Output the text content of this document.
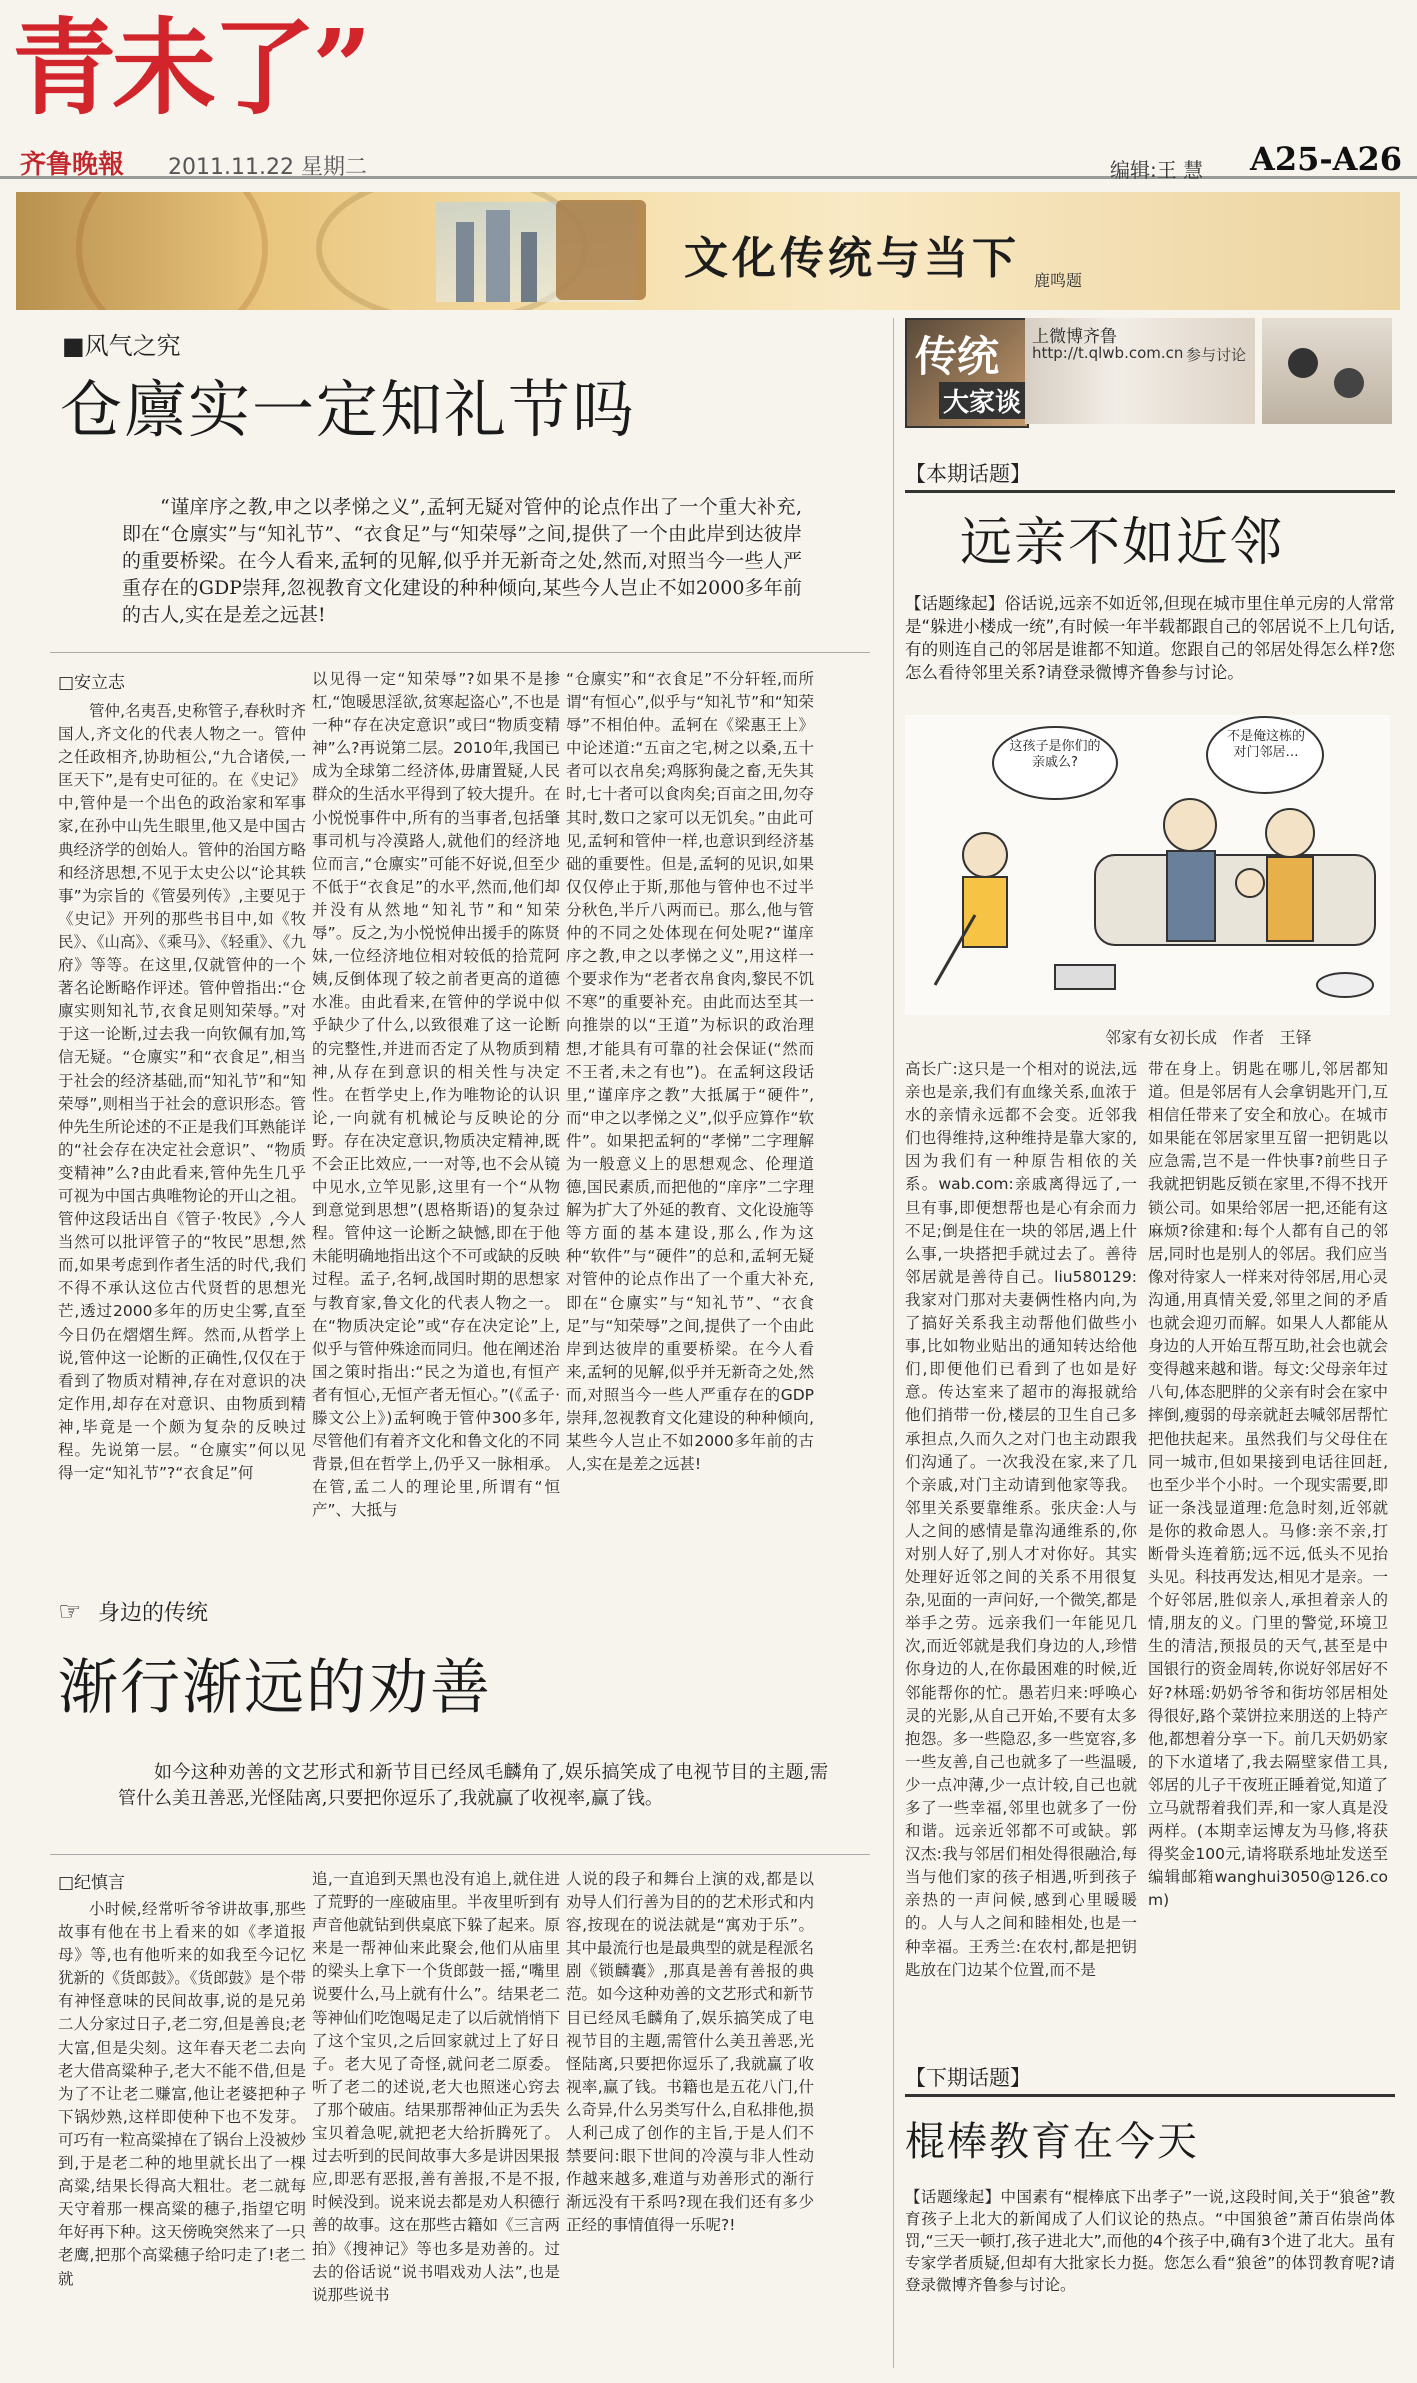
青未了”
齐鲁晚報 2011.11.22 星期二	编辑:王 慧 A25-A26
文化传统与当下 鹿鸣题
■风气之究
仓廪实一定知礼节吗
“谨庠序之教,申之以孝悌之义”,孟轲无疑对管仲的论点作出了一个重大补充,即在“仓廪实”与“知礼节”、“衣食足”与“知荣辱”之间,提供了一个由此岸到达彼岸的重要桥梁。在今人看来,孟轲的见解,似乎并无新奇之处,然而,对照当今一些人严重存在的GDP崇拜,忽视教育文化建设的种种倾向,某些今人岂止不如2000多年前的古人,实在是差之远甚!
□安立志
管仲,名夷吾,史称管子,春秋时齐国人,齐文化的代表人物之一。管仲之任政相齐,协助桓公,“九合诸侯,一匡天下”,是有史可征的。在《史记》中,管仲是一个出色的政治家和军事家,在孙中山先生眼里,他又是中国古典经济学的创始人。管仲的治国方略和经济思想,不见于太史公以“论其轶事”为宗旨的《管晏列传》,主要见于《史记》开列的那些书目中,如《牧民》、《山高》、《乘马》、《轻重》、《九府》等等。在这里,仅就管仲的一个著名论断略作评述。管仲曾指出:“仓廪实则知礼节,衣食足则知荣辱。”对于这一论断,过去我一向钦佩有加,笃信无疑。“仓廪实”和“衣食足”,相当于社会的经济基础,而“知礼节”和“知荣辱”,则相当于社会的意识形态。管仲先生所论述的不正是我们耳熟能详的“社会存在决定社会意识”、“物质变精神”么?由此看来,管仲先生几乎可视为中国古典唯物论的开山之祖。管仲这段话出自《管子·牧民》,今人当然可以批评管子的“牧民”思想,然而,如果考虑到作者生活的时代,我们不得不承认这位古代贤哲的思想光芒,透过2000多年的历史尘雾,直至今日仍在熠熠生辉。然而,从哲学上说,管仲这一论断的正确性,仅仅在于看到了物质对精神,存在对意识的决定作用,却存在对意识、由物质到精神,毕竟是一个颇为复杂的反映过程。先说第一层。“仓廪实”何以见得一定“知礼节”?“衣食足”何
以见得一定“知荣辱”?如果不是掺杠,“饱暖思淫欲,贫寒起盗心”,不也是一种“存在决定意识”或曰“物质变精神”么?再说第二层。2010年,我国已成为全球第二经济体,毋庸置疑,人民群众的生活水平得到了较大提升。在小悦悦事件中,所有的当事者,包括肇事司机与冷漠路人,就他们的经济地位而言,“仓廪实”可能不好说,但至少不低于“衣食足”的水平,然而,他们却并没有从然地“知礼节”和“知荣辱”。反之,为小悦悦伸出援手的陈贤妹,一位经济地位相对较低的拾荒阿姨,反倒体现了较之前者更高的道德水准。由此看来,在管仲的学说中似乎缺少了什么,以致很难了这一论断的完整性,并进而否定了从物质到精神,从存在到意识的相关性与决定性。在哲学史上,作为唯物论的认识论,一向就有机械论与反映论的分野。存在决定意识,物质决定精神,既不会正比效应,一一对等,也不会从镜中见水,立竿见影,这里有一个“从物到意觉到思想”(恩格斯语)的复杂过程。管仲这一论断之缺憾,即在于他未能明确地指出这个不可或缺的反映过程。孟子,名轲,战国时期的思想家与教育家,鲁文化的代表人物之一。在“物质决定论”或“存在决定论”上,似乎与管仲殊途而同归。他在阐述治国之策时指出:“民之为道也,有恒产者有恒心,无恒产者无恒心。”(《孟子·滕文公上》)孟轲晚于管仲300多年,尽管他们有着齐文化和鲁文化的不同背景,但在哲学上,仍乎又一脉相承。在管,孟二人的理论里,所谓有“恒产”、大抵与
“仓廪实”和“衣食足”不分轩轾,而所谓“有恒心”,似乎与“知礼节”和“知荣辱”不相伯仲。孟轲在《梁惠王上》中论述道:“五亩之宅,树之以桑,五十者可以衣帛矣;鸡豚狗彘之畜,无失其时,七十者可以食肉矣;百亩之田,勿夺其时,数口之家可以无饥矣。”由此可见,孟轲和管仲一样,也意识到经济基础的重要性。但是,孟轲的见识,如果仅仅停止于斯,那他与管仲也不过半分秋色,半斤八两而已。那么,他与管仲的不同之处体现在何处呢?“谨庠序之教,申之以孝悌之义”,用这样一个要求作为“老者衣帛食肉,黎民不饥不寒”的重要补充。由此而达至其一向推崇的以“王道”为标识的政治理想,才能具有可靠的社会保证(“然而不王者,未之有也”)。在孟轲这段话里,“谨庠序之教”大抵属于“硬件”,而“申之以孝悌之义”,似乎应算作“软件”。如果把孟轲的“孝悌”二字理解为一般意义上的思想观念、伦理道德,国民素质,而把他的“庠序”二字理解为扩大了外延的教育、文化设施等等方面的基本建设,那么,作为这种“软件”与“硬件”的总和,孟轲无疑对管仲的论点作出了一个重大补充,即在“仓廪实”与“知礼节”、“衣食足”与“知荣辱”之间,提供了一个由此岸到达彼岸的重要桥梁。在今人看来,孟轲的见解,似乎并无新奇之处,然而,对照当今一些人严重存在的GDP崇拜,忽视教育文化建设的种种倾向,某些今人岂止不如2000多年前的古人,实在是差之远甚!
☞ 身边的传统
渐行渐远的劝善
如今这种劝善的文艺形式和新节目已经凤毛麟角了,娱乐搞笑成了电视节目的主题,需管什么美丑善恶,光怪陆离,只要把你逗乐了,我就赢了收视率,赢了钱。
□纪慎言
小时候,经常听爷爷讲故事,那些故事有他在书上看来的如《孝道报母》等,也有他听来的如我至今记忆犹新的《货郎鼓》。《货郎鼓》是个带有神怪意味的民间故事,说的是兄弟二人分家过日子,老二穷,但是善良;老大富,但是尖刻。这年春天老二去向老大借高粱种子,老大不能不借,但是为了不让老二赚富,他让老婆把种子下锅炒熟,这样即使种下也不发芽。可巧有一粒高粱掉在了锅台上没被炒到,于是老二种的地里就长出了一棵高粱,结果长得高大粗壮。老二就每天守着那一棵高粱的穗子,指望它明年好再下种。这天傍晚突然来了一只老鹰,把那个高粱穗子给叼走了!老二就
追,一直追到天黑也没有追上,就住进了荒野的一座破庙里。半夜里听到有声音他就钻到供桌底下躲了起来。原来是一帮神仙来此聚会,他们从庙里的梁头上拿下一个货郎鼓一摇,“嘴里说要什么,马上就有什么”。结果老二等神仙们吃饱喝足走了以后就悄悄下了这个宝贝,之后回家就过上了好日子。老大见了奇怪,就问老二原委。听了老二的述说,老大也照迷心窍去了那个破庙。结果那帮神仙正为丢失宝贝着急呢,就把老大给折腾死了。过去听到的民间故事大多是讲因果报应,即恶有恶报,善有善报,不是不报,时候没到。说来说去都是劝人积德行善的故事。这在那些古籍如《三言两拍》《搜神记》等也多是劝善的。过去的俗话说“说书唱戏劝人法”,也是说那些说书
人说的段子和舞台上演的戏,都是以劝导人们行善为目的的艺术形式和内容,按现在的说法就是“寓劝于乐”。其中最流行也是最典型的就是程派名剧《锁麟囊》,那真是善有善报的典范。如今这种劝善的文艺形式和新节目已经凤毛麟角了,娱乐搞笑成了电视节目的主题,需管什么美丑善恶,光怪陆离,只要把你逗乐了,我就赢了收视率,赢了钱。书籍也是五花八门,什么奇异,什么另类写什么,自私排他,损人利己成了创作的主旨,于是人们不禁要问:眼下世间的冷漠与非人性动作越来越多,难道与劝善形式的渐行渐远没有干系吗?现在我们还有多少正经的事情值得一乐呢?!
传统
大家谈
上微博齐鲁
http://t.qlwb.com.cn 参与讨论
【本期话题】
远亲不如近邻
【话题缘起】俗话说,远亲不如近邻,但现在城市里住单元房的人常常是“躲进小楼成一统”,有时候一年半载都跟自己的邻居说不上几句话,有的则连自己的邻居是谁都不知道。您跟自己的邻居处得怎么样?您怎么看待邻里关系?请登录微博齐鲁参与讨论。
这孩子是你们的亲戚么?
不是俺这栋的对门邻居…
邻家有女初长成 作者 王铎
高长广:这只是一个相对的说法,远亲也是亲,我们有血缘关系,血浓于水的亲情永远都不会变。近邻我们也得维持,这种维持是靠大家的,因为我们有一种原告相依的关系。wab.com:亲戚离得远了,一旦有事,即便想帮也是心有余而力不足;倒是住在一块的邻居,遇上什么事,一块搭把手就过去了。善待邻居就是善待自己。liu580129:我家对门那对夫妻俩性格内向,为了搞好关系我主动帮他们做些小事,比如物业贴出的通知转达给他们,即便他们已看到了也如是好意。传达室来了超市的海报就给他们捎带一份,楼层的卫生自己多承担点,久而久之对门也主动跟我们沟通了。一次我没在家,来了几个亲戚,对门主动请到他家等我。邻里关系要靠维系。张庆金:人与人之间的感情是靠沟通维系的,你对别人好了,别人才对你好。其实处理好近邻之间的关系不用很复杂,见面的一声问好,一个微笑,都是举手之劳。远亲我们一年能见几次,而近邻就是我们身边的人,珍惜你身边的人,在你最困难的时候,近邻能帮你的忙。愚若归来:呼唤心灵的光影,从自己开始,不要有太多抱怨。多一些隐忍,多一些宽容,多一些友善,自己也就多了一些温暖,少一点冲薄,少一点计较,自己也就多了一些幸福,邻里也就多了一份和谐。远亲近邻都不可或缺。郭汉杰:我与邻居们相处得很融洽,每当与他们家的孩子相遇,听到孩子亲热的一声问候,感到心里暖暖的。人与人之间和睦相处,也是一种幸福。王秀兰:在农村,都是把钥匙放在门边某个位置,而不是
带在身上。钥匙在哪儿,邻居都知道。但是邻居有人会拿钥匙开门,互相信任带来了安全和放心。在城市如果能在邻居家里互留一把钥匙以应急需,岂不是一件快事?前些日子我就把钥匙反锁在家里,不得不找开锁公司。如果给邻居一把,还能有这麻烦?徐建和:每个人都有自己的邻居,同时也是别人的邻居。我们应当像对待家人一样来对待邻居,用心灵沟通,用真情关爱,邻里之间的矛盾也就会迎刃而解。如果人人都能从身边的人开始互帮互助,社会也就会变得越来越和谐。每文:父母亲年过八旬,体态肥胖的父亲有时会在家中摔倒,瘦弱的母亲就赶去喊邻居帮忙把他扶起来。虽然我们与父母住在同一城市,但如果接到电话往回赶,也至少半个小时。一个现实需要,即证一条浅显道理:危急时刻,近邻就是你的救命恩人。马修:亲不亲,打断骨头连着筋;远不远,低头不见抬头见。科技再发达,相见才是亲。一个好邻居,胜似亲人,承担着亲人的情,朋友的义。门里的警觉,环境卫生的清洁,预报员的天气,甚至是中国银行的资金周转,你说好邻居好不好?林瑶:奶奶爷爷和街坊邻居相处得很好,路个菜饼拉来朋送的上特产他,都想着分享一下。前几天奶奶家的下水道堵了,我去隔壁家借工具,邻居的儿子干夜班正睡着觉,知道了立马就帮着我们弄,和一家人真是没两样。(本期幸运博友为马修,将获得奖金100元,请将联系地址发送至编辑邮箱wanghui3050@126.com)
【下期话题】
棍棒教育在今天
【话题缘起】中国素有“棍棒底下出孝子”一说,这段时间,关于“狼爸”教育孩子上北大的新闻成了人们议论的热点。“中国狼爸”萧百佑崇尚体罚,“三天一顿打,孩子进北大”,而他的4个孩子中,确有3个进了北大。虽有专家学者质疑,但却有大批家长力挺。您怎么看“狼爸”的体罚教育呢?请登录微博齐鲁参与讨论。
